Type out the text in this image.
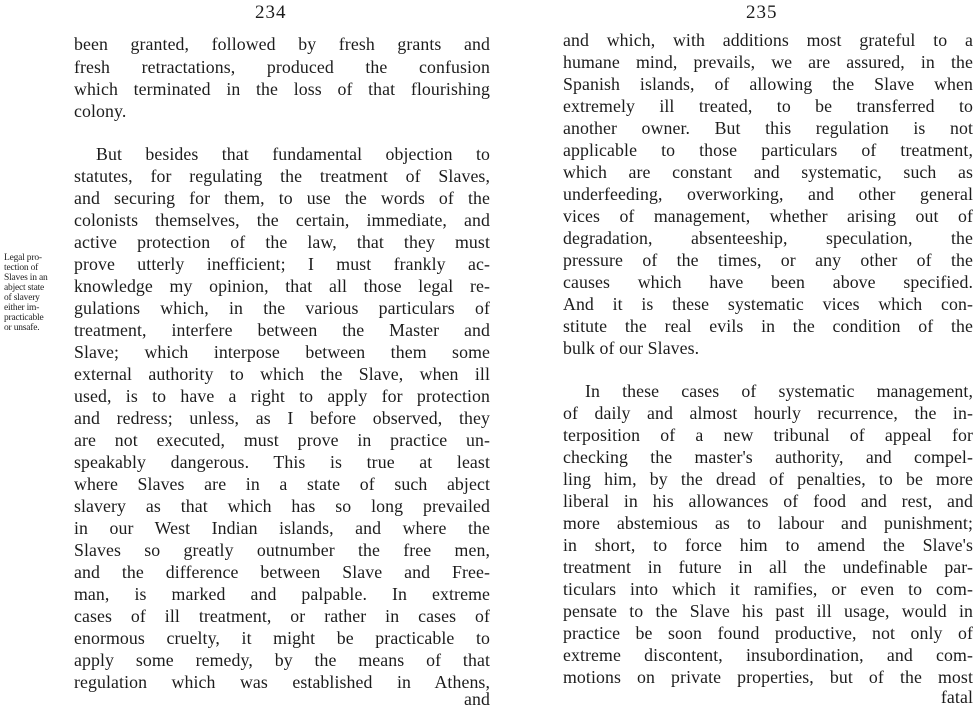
234
been granted, followed by fresh grants and
fresh retractations, produced the confusion
which terminated in the loss of that flourishing
colony.
But besides that fundamental objection to
statutes, for regulating the treatment of Slaves,
and securing for them, to use the words of the
colonists themselves, the certain, immediate, and
active protection of the law, that they must
prove utterly inefficient; I must frankly ac-
knowledge my opinion, that all those legal re-
gulations which, in the various particulars of
treatment, interfere between the Master and
Slave; which interpose between them some
external authority to which the Slave, when ill
used, is to have a right to apply for protection
and redress; unless, as I before observed, they
are not executed, must prove in practice un-
speakably dangerous. This is true at least
where Slaves are in a state of such abject
slavery as that which has so long prevailed
in our West Indian islands, and where the
Slaves so greatly outnumber the free men,
and the difference between Slave and Free-
man, is marked and palpable. In extreme
cases of ill treatment, or rather in cases of
enormous cruelty, it might be practicable to
apply some remedy, by the means of that
regulation which was established in Athens,
and
Legal pro-
tection of
Slaves in an
abject state
of slavery
either im-
practicable
or unsafe.
235
and which, with additions most grateful to a
humane mind, prevails, we are assured, in the
Spanish islands, of allowing the Slave when
extremely ill treated, to be transferred to
another owner. But this regulation is not
applicable to those particulars of treatment,
which are constant and systematic, such as
underfeeding, overworking, and other general
vices of management, whether arising out of
degradation, absenteeship, speculation, the
pressure of the times, or any other of the
causes which have been above specified.
And it is these systematic vices which con-
stitute the real evils in the condition of the
bulk of our Slaves.
In these cases of systematic management,
of daily and almost hourly recurrence, the in-
terposition of a new tribunal of appeal for
checking the master's authority, and compel-
ling him, by the dread of penalties, to be more
liberal in his allowances of food and rest, and
more abstemious as to labour and punishment;
in short, to force him to amend the Slave's
treatment in future in all the undefinable par-
ticulars into which it ramifies, or even to com-
pensate to the Slave his past ill usage, would in
practice be soon found productive, not only of
extreme discontent, insubordination, and com-
motions on private properties, but of the most
fatal
